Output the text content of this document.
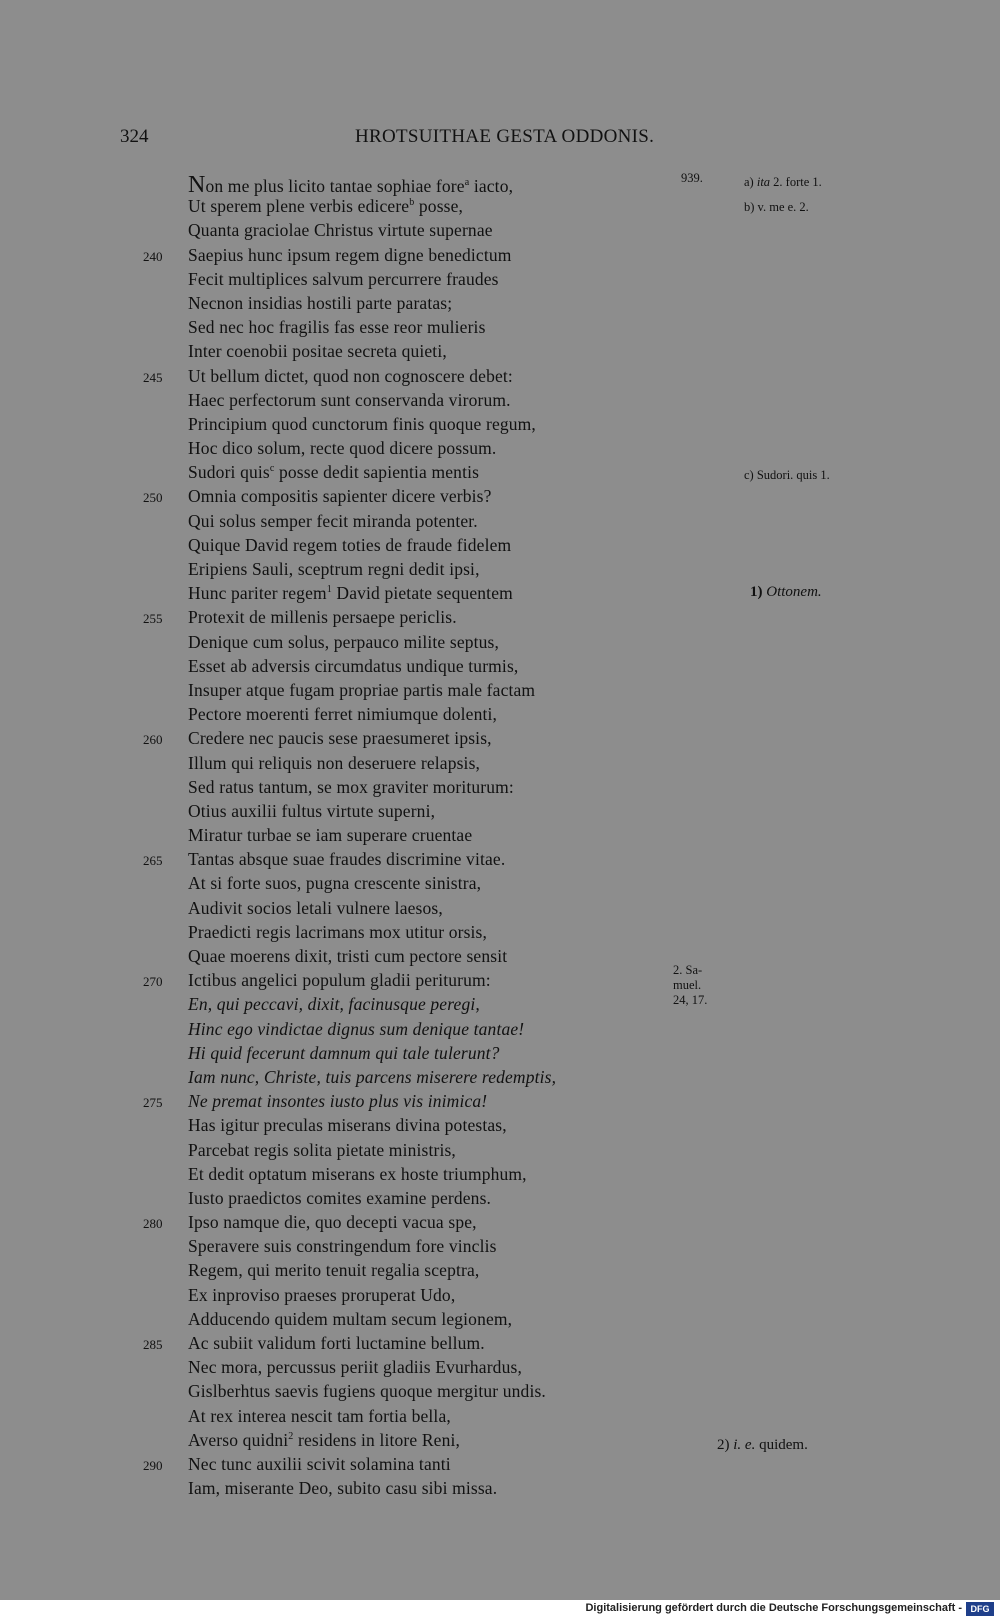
324	HROTSUITHAE GESTA ODDONIS.
Non me plus licito tantae sophiae fore$^a$ iacto,
Ut sperem plene verbis edicere$^b$ posse,
Quanta graciolae Christus virtute supernae
240 Saepius hunc ipsum regem digne benedictum
Fecit multiplices salvum percurrere fraudes
Necnon insidias hostili parte paratas;
Sed nec hoc fragilis fas esse reor mulieris
Inter coenobii positae secreta quieti,
245 Ut bellum dictet, quod non cognoscere debet:
Haec perfectorum sunt conservanda virorum.
Principium quod cunctorum finis quoque regum,
Hoc dico solum, recte quod dicere possum.
Sudori quis$^c$ posse dedit sapientia mentis
250 Omnia compositis sapienter dicere verbis?
Qui solus semper fecit miranda potenter.
Quique David regem toties de fraude fidelem
Eripiens Sauli, sceptrum regni dedit ipsi,
Hunc pariter regem$^1$ David pietate sequentem
255 Protexit de millenis persaepe periclis.
Denique cum solus, perpauco milite septus,
Esset ab adversis circumdatus undique turmis,
Insuper atque fugam propriae partis male factam
Pectore moerenti ferret nimiumque dolenti,
260 Credere nec paucis sese praesumeret ipsis,
Illum qui reliquis non deseruere relapsis,
Sed ratus tantum, se mox graviter moriturum:
Otius auxilii fultus virtute superni,
Miratur turbae se iam superare cruentae
265 Tantas absque suae fraudes discrimine vitae.
At si forte suos, pugna crescente sinistra,
Audivit socios letali vulnere laesos,
Praedicti regis lacrimans mox utitur orsis,
Quae moerens dixit, tristi cum pectore sensit
270 Ictibus angelici populum gladii periturum:
En, qui peccavi, dixit, facinusque peregi,
Hinc ego vindictae dignus sum denique tantae!
Hi quid fecerunt damnum qui tale tulerunt?
Iam nunc, Christe, tuis parcens miserere redemptis,
275 Ne premat insontes iusto plus vis inimica!
Has igitur preculas miserans divina potestas,
Parcebat regis solita pietate ministris,
Et dedit optatum miserans ex hoste triumphum,
Iusto praedictos comites examine perdens.
280 Ipso namque die, quo decepti vacua spe,
Speravere suis constringendum fore vinclis
Regem, qui merito tenuit regalia sceptra,
Ex inproviso praeses proruperat Udo,
Adducendo quidem multam secum legionem,
285 Ac subiit validum forti luctamine bellum.
Nec mora, percussus periit gladiis Evurhardus,
Gislberhtus saevis fugiens quoque mergitur undis.
At rex interea nescit tam fortia bella,
Averso quidni$^2$ residens in litore Reni,
290 Nec tunc auxilii scivit solamina tanti
Iam, miserante Deo, subito casu sibi missa.
939.
2. Sa-
muel.
24, 17.
a) ita 2. forte 1.
b) v. me e. 2.
c) Sudori. quis 1.
1) Ottonem.
2) i. e. quidem.
Digitalisierung gefördert durch die Deutsche Forschungsgemeinschaft - DFG
